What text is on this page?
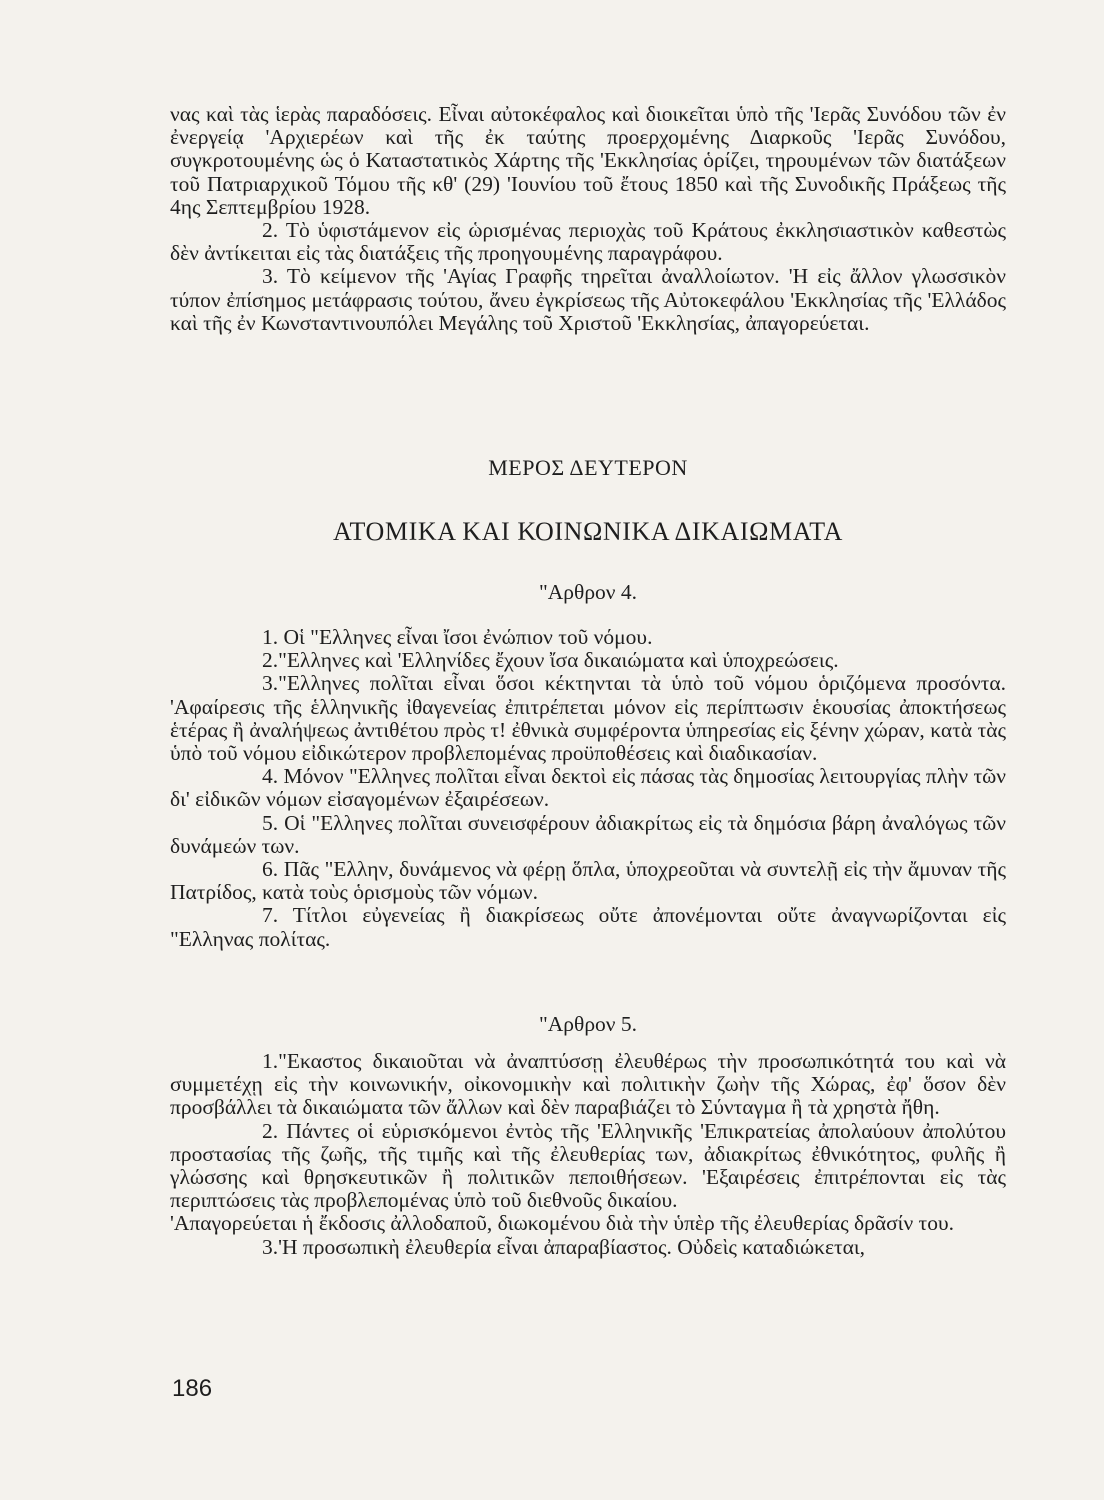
νας καὶ τὰς ἱερὰς παραδόσεις. Εἶναι αὐτοκέφαλος καὶ διοικεῖται ὑπὸ τῆς 'Ιερᾶς Συνόδου τῶν ἐν ἐνεργείᾳ 'Αρχιερέων καὶ τῆς ἐκ ταύτης προερχομένης Διαρκοῦς 'Ιερᾶς Συνόδου, συγκροτουμένης ὡς ὁ Καταστατικὸς Χάρτης τῆς 'Εκκλησίας ὁρίζει, τηρουμένων τῶν διατάξεων τοῦ Πατριαρχικοῦ Τόμου τῆς κθ' (29) 'Ιουνίου τοῦ ἔτους 1850 καὶ τῆς Συνοδικῆς Πράξεως τῆς 4ης Σεπτεμβρίου 1928.

2. Τὸ ὑφιστάμενον εἰς ὡρισμένας περιοχὰς τοῦ Κράτους ἐκκλησιαστικὸν καθεστὼς δὲν ἀντίκειται εἰς τὰς διατάξεις τῆς προηγουμένης παραγράφου.

3. Τὸ κείμενον τῆς 'Αγίας Γραφῆς τηρεῖται ἀναλλοίωτον. 'Η εἰς ἄλλον γλωσσικὸν τύπον ἐπίσημος μετάφρασις τούτου, ἄνευ ἐγκρίσεως τῆς Αὐτοκεφάλου 'Εκκλησίας τῆς 'Ελλάδος καὶ τῆς ἐν Κωνσταντινουπόλει Μεγάλης τοῦ Χριστοῦ 'Εκκλησίας, ἀπαγορεύεται.

ΜΕΡΟΣ ΔΕΥΤΕΡΟΝ
ΑΤΟΜΙΚΑ ΚΑΙ ΚΟΙΝΩΝΙΚΑ ΔΙΚΑΙΩΜΑΤΑ
"Αρθρον 4.

1. Οἱ "Ελληνες εἶναι ἴσοι ἐνώπιον τοῦ νόμου.

2."Ελληνες καὶ 'Ελληνίδες ἔχουν ἴσα δικαιώματα καὶ ὑποχρεώσεις.

3."Ελληνες πολῖται εἶναι ὅσοι κέκτηνται τὰ ὑπὸ τοῦ νόμου ὁριζόμενα προσόντα. 'Αφαίρεσις τῆς ἑλληνικῆς ἰθαγενείας ἐπιτρέπεται μόνον εἰς περίπτωσιν ἑκουσίας ἀποκτήσεως ἑτέρας ἢ ἀναλήψεως ἀντιθέτου πρὸς τ! ἐθνικὰ συμφέροντα ὑπηρεσίας εἰς ξένην χώραν, κατὰ τὰς ὑπὸ τοῦ νόμου εἰδικώτερον προβλεπομένας προϋποθέσεις καὶ διαδικασίαν.

4. Μόνον "Ελληνες πολῖται εἶναι δεκτοὶ εἰς πάσας τὰς δημοσίας λειτουργίας πλὴν τῶν δι' εἰδικῶν νόμων εἰσαγομένων ἐξαιρέσεων.

5. Οἱ "Ελληνες πολῖται συνεισφέρουν ἀδιακρίτως εἰς τὰ δημόσια βάρη ἀναλόγως τῶν δυνάμεών των.

6. Πᾶς "Ελλην, δυνάμενος νὰ φέρῃ ὅπλα, ὑποχρεοῦται νὰ συντελῇ εἰς τὴν ἄμυναν τῆς Πατρίδος, κατὰ τοὺς ὁρισμοὺς τῶν νόμων.

7. Τίτλοι εὐγενείας ἢ διακρίσεως οὔτε ἀπονέμονται οὔτε ἀναγνωρίζονται εἰς "Ελληνας πολίτας.

"Αρθρον 5.

1."Εκαστος δικαιοῦται νὰ ἀναπτύσσῃ ἐλευθέρως τὴν προσωπικότητά του καὶ νὰ συμμετέχῃ εἰς τὴν κοινωνικήν, οἰκονομικὴν καὶ πολιτικὴν ζωὴν τῆς Χώρας, ἐφ' ὅσον δὲν προσβάλλει τὰ δικαιώματα τῶν ἄλλων καὶ δὲν παραβιάζει τὸ Σύνταγμα ἢ τὰ χρηστὰ ἤθη.

2. Πάντες οἱ εὑρισκόμενοι ἐντὸς τῆς 'Ελληνικῆς 'Επικρατείας ἀπολαύουν ἀπολύτου προστασίας τῆς ζωῆς, τῆς τιμῆς καὶ τῆς ἐλευθερίας των, ἀδιακρίτως ἐθνικότητος, φυλῆς ἢ γλώσσης καὶ θρησκευτικῶν ἢ πολιτικῶν πεποιθήσεων. 'Εξαιρέσεις ἐπιτρέπονται εἰς τὰς περιπτώσεις τὰς προβλεπομένας ὑπὸ τοῦ διεθνοῦς δικαίου.

'Απαγορεύεται ἡ ἔκδοσις ἀλλοδαποῦ, διωκομένου διὰ τὴν ὑπὲρ τῆς ἐλευθερίας δρᾶσίν του.

3.'Η προσωπικὴ ἐλευθερία εἶναι ἀπαραβίαστος. Οὐδεὶς καταδιώκεται,

186
